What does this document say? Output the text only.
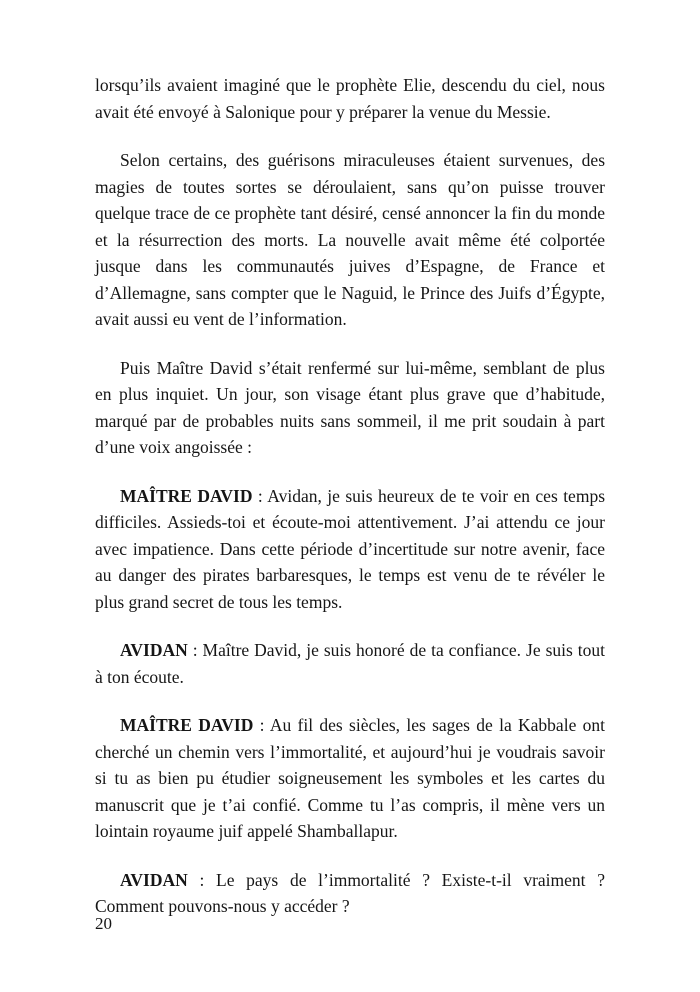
lorsqu’ils avaient imaginé que le prophète Elie, descendu du ciel, nous avait été envoyé à Salonique pour y préparer la venue du Messie.

Selon certains, des guérisons miraculeuses étaient survenues, des magies de toutes sortes se déroulaient, sans qu’on puisse trouver quelque trace de ce prophète tant désiré, censé annoncer la fin du monde et la résurrection des morts. La nouvelle avait même été colportée jusque dans les communautés juives d’Espagne, de France et d’Allemagne, sans compter que le Naguid, le Prince des Juifs d’Égypte, avait aussi eu vent de l’information.

Puis Maître David s’était renfermé sur lui-même, semblant de plus en plus inquiet. Un jour, son visage étant plus grave que d’habitude, marqué par de probables nuits sans sommeil, il me prit soudain à part d’une voix angoissée :

MAÎTRE DAVID : Avidan, je suis heureux de te voir en ces temps difficiles. Assieds-toi et écoute-moi attentivement. J’ai attendu ce jour avec impatience. Dans cette période d’incertitude sur notre avenir, face au danger des pirates barbaresques, le temps est venu de te révéler le plus grand secret de tous les temps.

AVIDAN : Maître David, je suis honoré de ta confiance. Je suis tout à ton écoute.

MAÎTRE DAVID : Au fil des siècles, les sages de la Kabbale ont cherché un chemin vers l’immortalité, et aujourd’hui je voudrais savoir si tu as bien pu étudier soigneusement les symboles et les cartes du manuscrit que je t’ai confié. Comme tu l’as compris, il mène vers un lointain royaume juif appelé Shamballapur.

AVIDAN : Le pays de l’immortalité ? Existe-t-il vraiment ? Comment pouvons-nous y accéder ?

20
